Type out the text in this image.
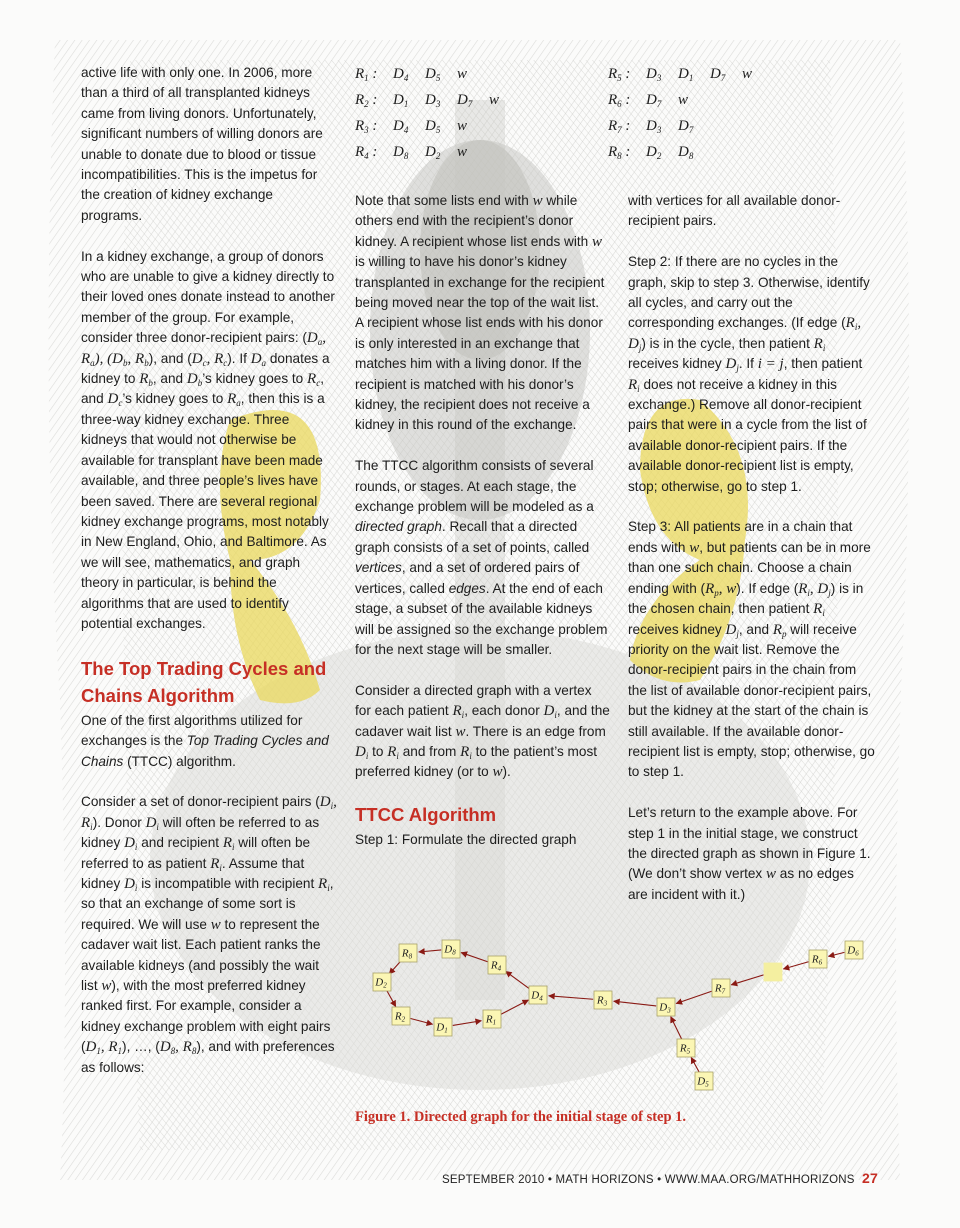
$R_1$ : $D_4$ $D_5$ w
$R_2$ : $D_1$ $D_3$ $D_7$ w
$R_3$ : $D_4$ $D_5$ w
$R_4$ : $D_8$ $D_2$ w
$R_5$ : $D_3$ $D_1$ $D_7$ w
$R_6$ : $D_7$ w
$R_7$ : $D_3$ $D_7$
$R_8$ : $D_2$ $D_8$

active life with only one. In 2006, more than a third of all transplanted kidneys came from living donors. Unfortunately, significant numbers of willing donors are unable to donate due to blood or tissue incompatibilities. This is the impetus for the creation of kidney exchange programs.

In a kidney exchange, a group of donors who are unable to give a kidney directly to their loved ones donate instead to another member of the group. For example, consider three donor-recipient pairs: ($D_a$, $R_a$), ($D_b$, $R_b$), and ($D_c$, $R_c$). If $D_a$ donates a kidney to $R_b$, and $D_b’s$ kidney goes to $R_c$, and $D_c’s$ kidney goes to $R_a$, then this is a three-way kidney exchange. Three kidneys that would not otherwise be available for transplant have been made available, and three people’s lives have been saved. There are several regional kidney exchange programs, most notably in New England, Ohio, and Baltimore. As we will see, mathematics, and graph theory in particular, is behind the algorithms that are used to identify potential exchanges.

The Top Trading Cycles and Chains Algorithm

One of the first algorithms utilized for exchanges is the Top Trading Cycles and Chains (TTCC) algorithm.

Consider a set of donor-recipient pairs ($D_i$, $R_i$). Donor $D_i$ will often be referred to as kidney $D_i$ and recipient $R_i$ will often be referred to as patient $R_i$. Assume that kidney $D_i$ is incompatible with recipient $R_i$, so that an exchange of some sort is required. We will use w to represent the cadaver wait list. Each patient ranks the available kidneys (and possibly the wait list w), with the most preferred kidney ranked first. For example, consider a kidney exchange problem with eight pairs ($D_1$, $R_1$), …, ($D_8$, $R_8$), and with preferences as follows:

Note that some lists end with w while others end with the recipient’s donor kidney. A recipient whose list ends with w is willing to have his donor’s kidney transplanted in exchange for the recipient being moved near the top of the wait list. A recipient whose list ends with his donor is only interested in an exchange that matches him with a living donor. If the recipient is matched with his donor’s kidney, the recipient does not receive a kidney in this round of the exchange.

The TTCC algorithm consists of several rounds, or stages. At each stage, the exchange problem will be modeled as a directed graph. Recall that a directed graph consists of a set of points, called vertices, and a set of ordered pairs of vertices, called edges. At the end of each stage, a subset of the available kidneys will be assigned so the exchange problem for the next stage will be smaller.

Consider a directed graph with a vertex for each patient $R_i$, each donor $D_i$, and the cadaver wait list w. There is an edge from $D_i$ to $R_i$ and from $R_i$ to the patient’s most preferred kidney (or to w).

TTCC Algorithm

Step 1: Formulate the directed graph

with vertices for all available donor-recipient pairs.

Step 2: If there are no cycles in the graph, skip to step 3. Otherwise, identify all cycles, and carry out the corresponding exchanges. (If edge ($R_i$, $D_j$) is in the cycle, then patient $R_i$ receives kidney $D_j$. If i = j, then patient $R_i$ does not receive a kidney in this exchange.) Remove all donor-recipient pairs that were in a cycle from the list of available donor-recipient pairs. If the available donor-recipient list is empty, stop; otherwise, go to step 1.

Step 3: All patients are in a chain that ends with w, but patients can be in more than one such chain. Choose a chain ending with ($R_p$, w). If edge ($R_i$, $D_j$) is in the chosen chain, then patient $R_i$ receives kidney $D_j$, and $R_p$ will receive priority on the wait list. Remove the donor-recipient pairs in the chain from the list of available donor-recipient pairs, but the kidney at the start of the chain is still available. If the available donor-recipient list is empty, stop; otherwise, go to step 1.

Let’s return to the example above. For step 1 in the initial stage, we construct the directed graph as shown in Figure 1. (We don’t show vertex w as no edges are incident with it.)

R8
D8
R4
D2
R2
D1
R1
D4	R3	D3
R7
R6
D6
R5
D5
Figure 1. Directed graph for the initial stage of step 1.
SEPTEMBER 2010 • MATH HORIZONS • WWW.MAA.ORG/MATHHORIZONS 27
